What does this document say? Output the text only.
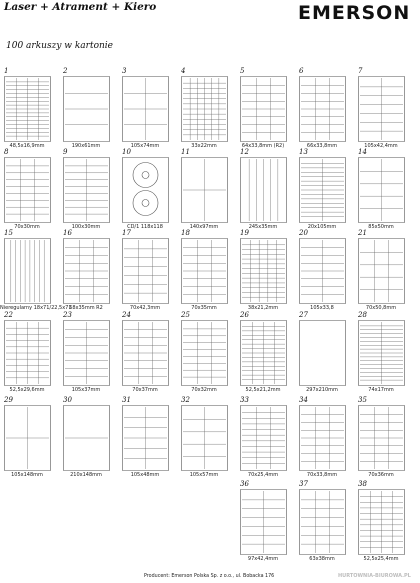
Laser + Atrament + Kiero
100 arkuszy w kartonie
EMERSON
1
48,5x16,9mm
2
190x61mm
3
105x74mm
4
33x22mm
5
64x33,8mm (R2)
6
66x33,8mm
7
105x42,4mm
8
70x30mm
9
100x30mm
10
CD/1 118x118
11
140x97mm
12
245x35mm
13
20x105mm
14
85x50mm
15
Nieregularny 18x71/22,5x71
16
68x35mm R2
17
70x42,3mm
18
70x35mm
19
38x21,2mm
20
105x33,8
21
70x50,8mm
22
52,5x29,6mm
23
105x37mm
24
70x37mm
25
70x32mm
26
52,5x21,2mm
27
297x210mm
28
74x17mm
29
105x148mm
30
210x148mm
31
105x48mm
32
105x57mm
33
70x25,4mm
34
70x33,8mm
35
70x36mm
36
97x42,4mm
37
63x38mm
38
52,5x25,4mm
Producent: Emerson Polska Sp. z o.o., ul. Bobacka 176	HURTOWNIA-BIUROWA.PL
